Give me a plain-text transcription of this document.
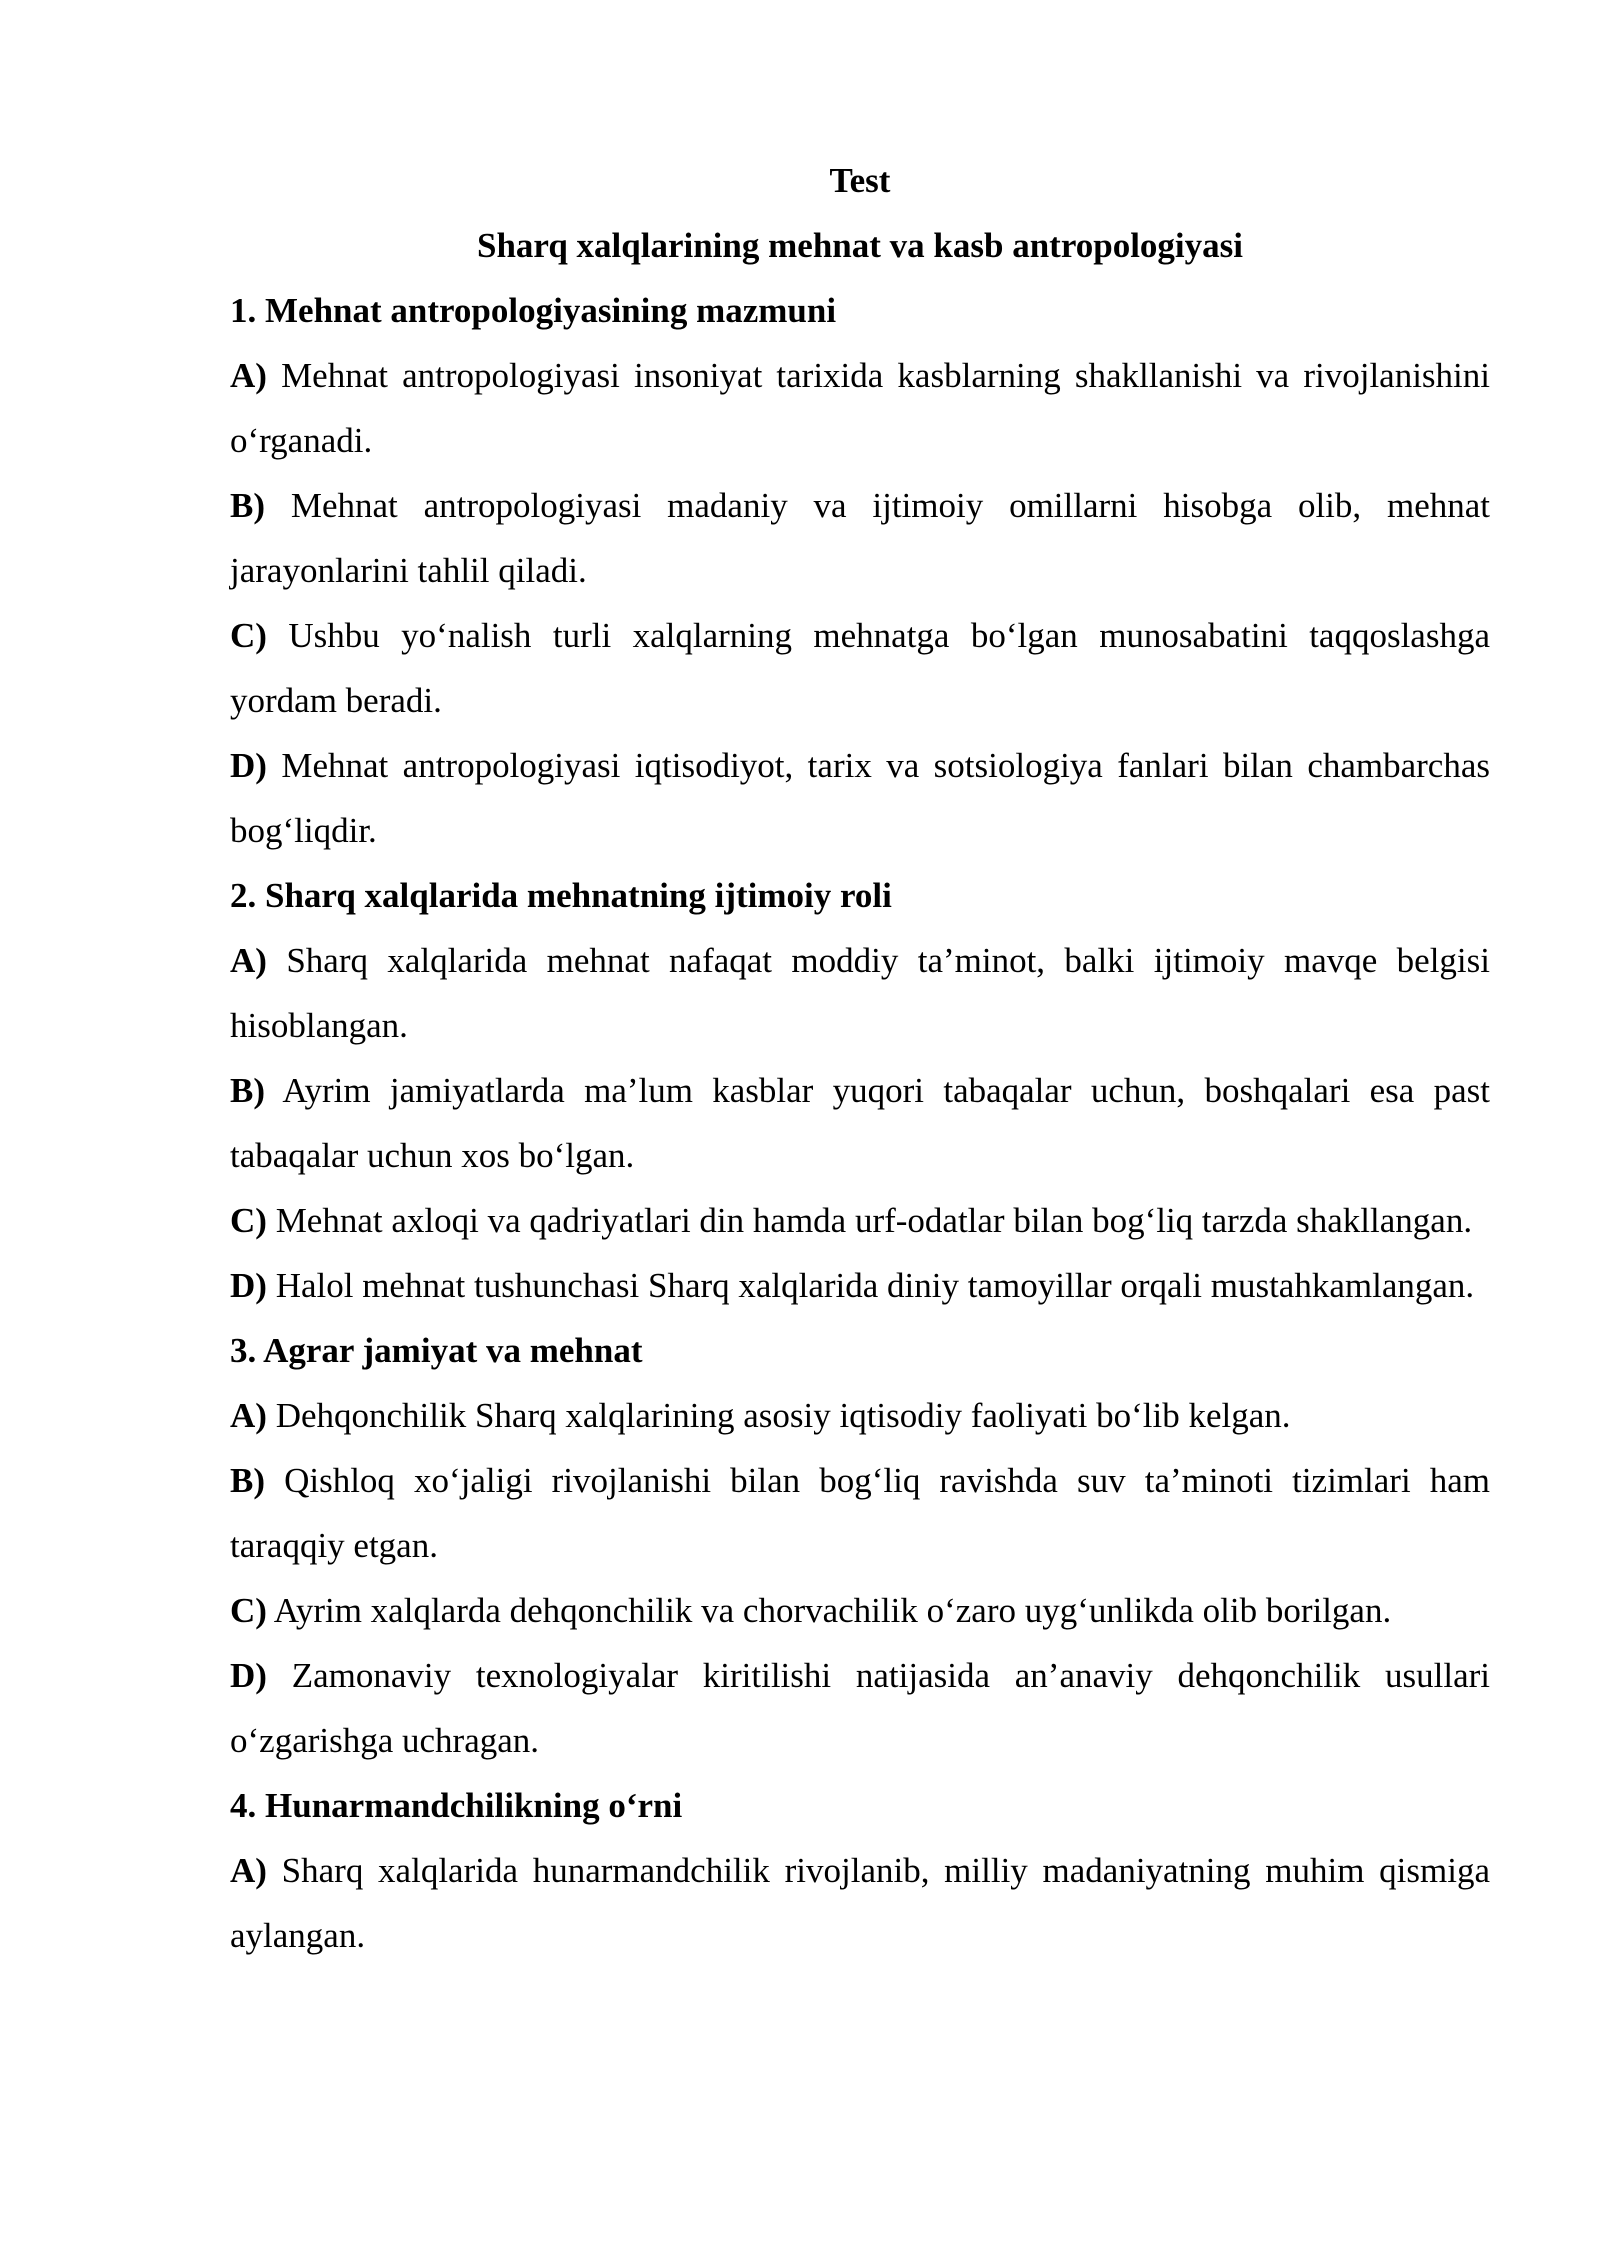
Test

Sharq xalqlarining mehnat va kasb antropologiyasi

1. Mehnat antropologiyasining mazmuni

A) Mehnat antropologiyasi insoniyat tarixida kasblarning shakllanishi va rivojlanishini o‘rganadi.

B) Mehnat antropologiyasi madaniy va ijtimoiy omillarni hisobga olib, mehnat jarayonlarini tahlil qiladi.

C) Ushbu yo‘nalish turli xalqlarning mehnatga bo‘lgan munosabatini taqqoslashga yordam beradi.

D) Mehnat antropologiyasi iqtisodiyot, tarix va sotsiologiya fanlari bilan chambarchas bog‘liqdir.

2. Sharq xalqlarida mehnatning ijtimoiy roli

A) Sharq xalqlarida mehnat nafaqat moddiy ta’minot, balki ijtimoiy mavqe belgisi hisoblangan.

B) Ayrim jamiyatlarda ma’lum kasblar yuqori tabaqalar uchun, boshqalari esa past tabaqalar uchun xos bo‘lgan.

C) Mehnat axloqi va qadriyatlari din hamda urf-odatlar bilan bog‘liq tarzda shakllangan.

D) Halol mehnat tushunchasi Sharq xalqlarida diniy tamoyillar orqali mustahkamlangan.

3. Agrar jamiyat va mehnat

A) Dehqonchilik Sharq xalqlarining asosiy iqtisodiy faoliyati bo‘lib kelgan.

B) Qishloq xo‘jaligi rivojlanishi bilan bog‘liq ravishda suv ta’minoti tizimlari ham taraqqiy etgan.

C) Ayrim xalqlarda dehqonchilik va chorvachilik o‘zaro uyg‘unlikda olib borilgan.

D) Zamonaviy texnologiyalar kiritilishi natijasida an’anaviy dehqonchilik usullari o‘zgarishga uchragan.

4. Hunarmandchilikning o‘rni

A) Sharq xalqlarida hunarmandchilik rivojlanib, milliy madaniyatning muhim qismiga aylangan.
